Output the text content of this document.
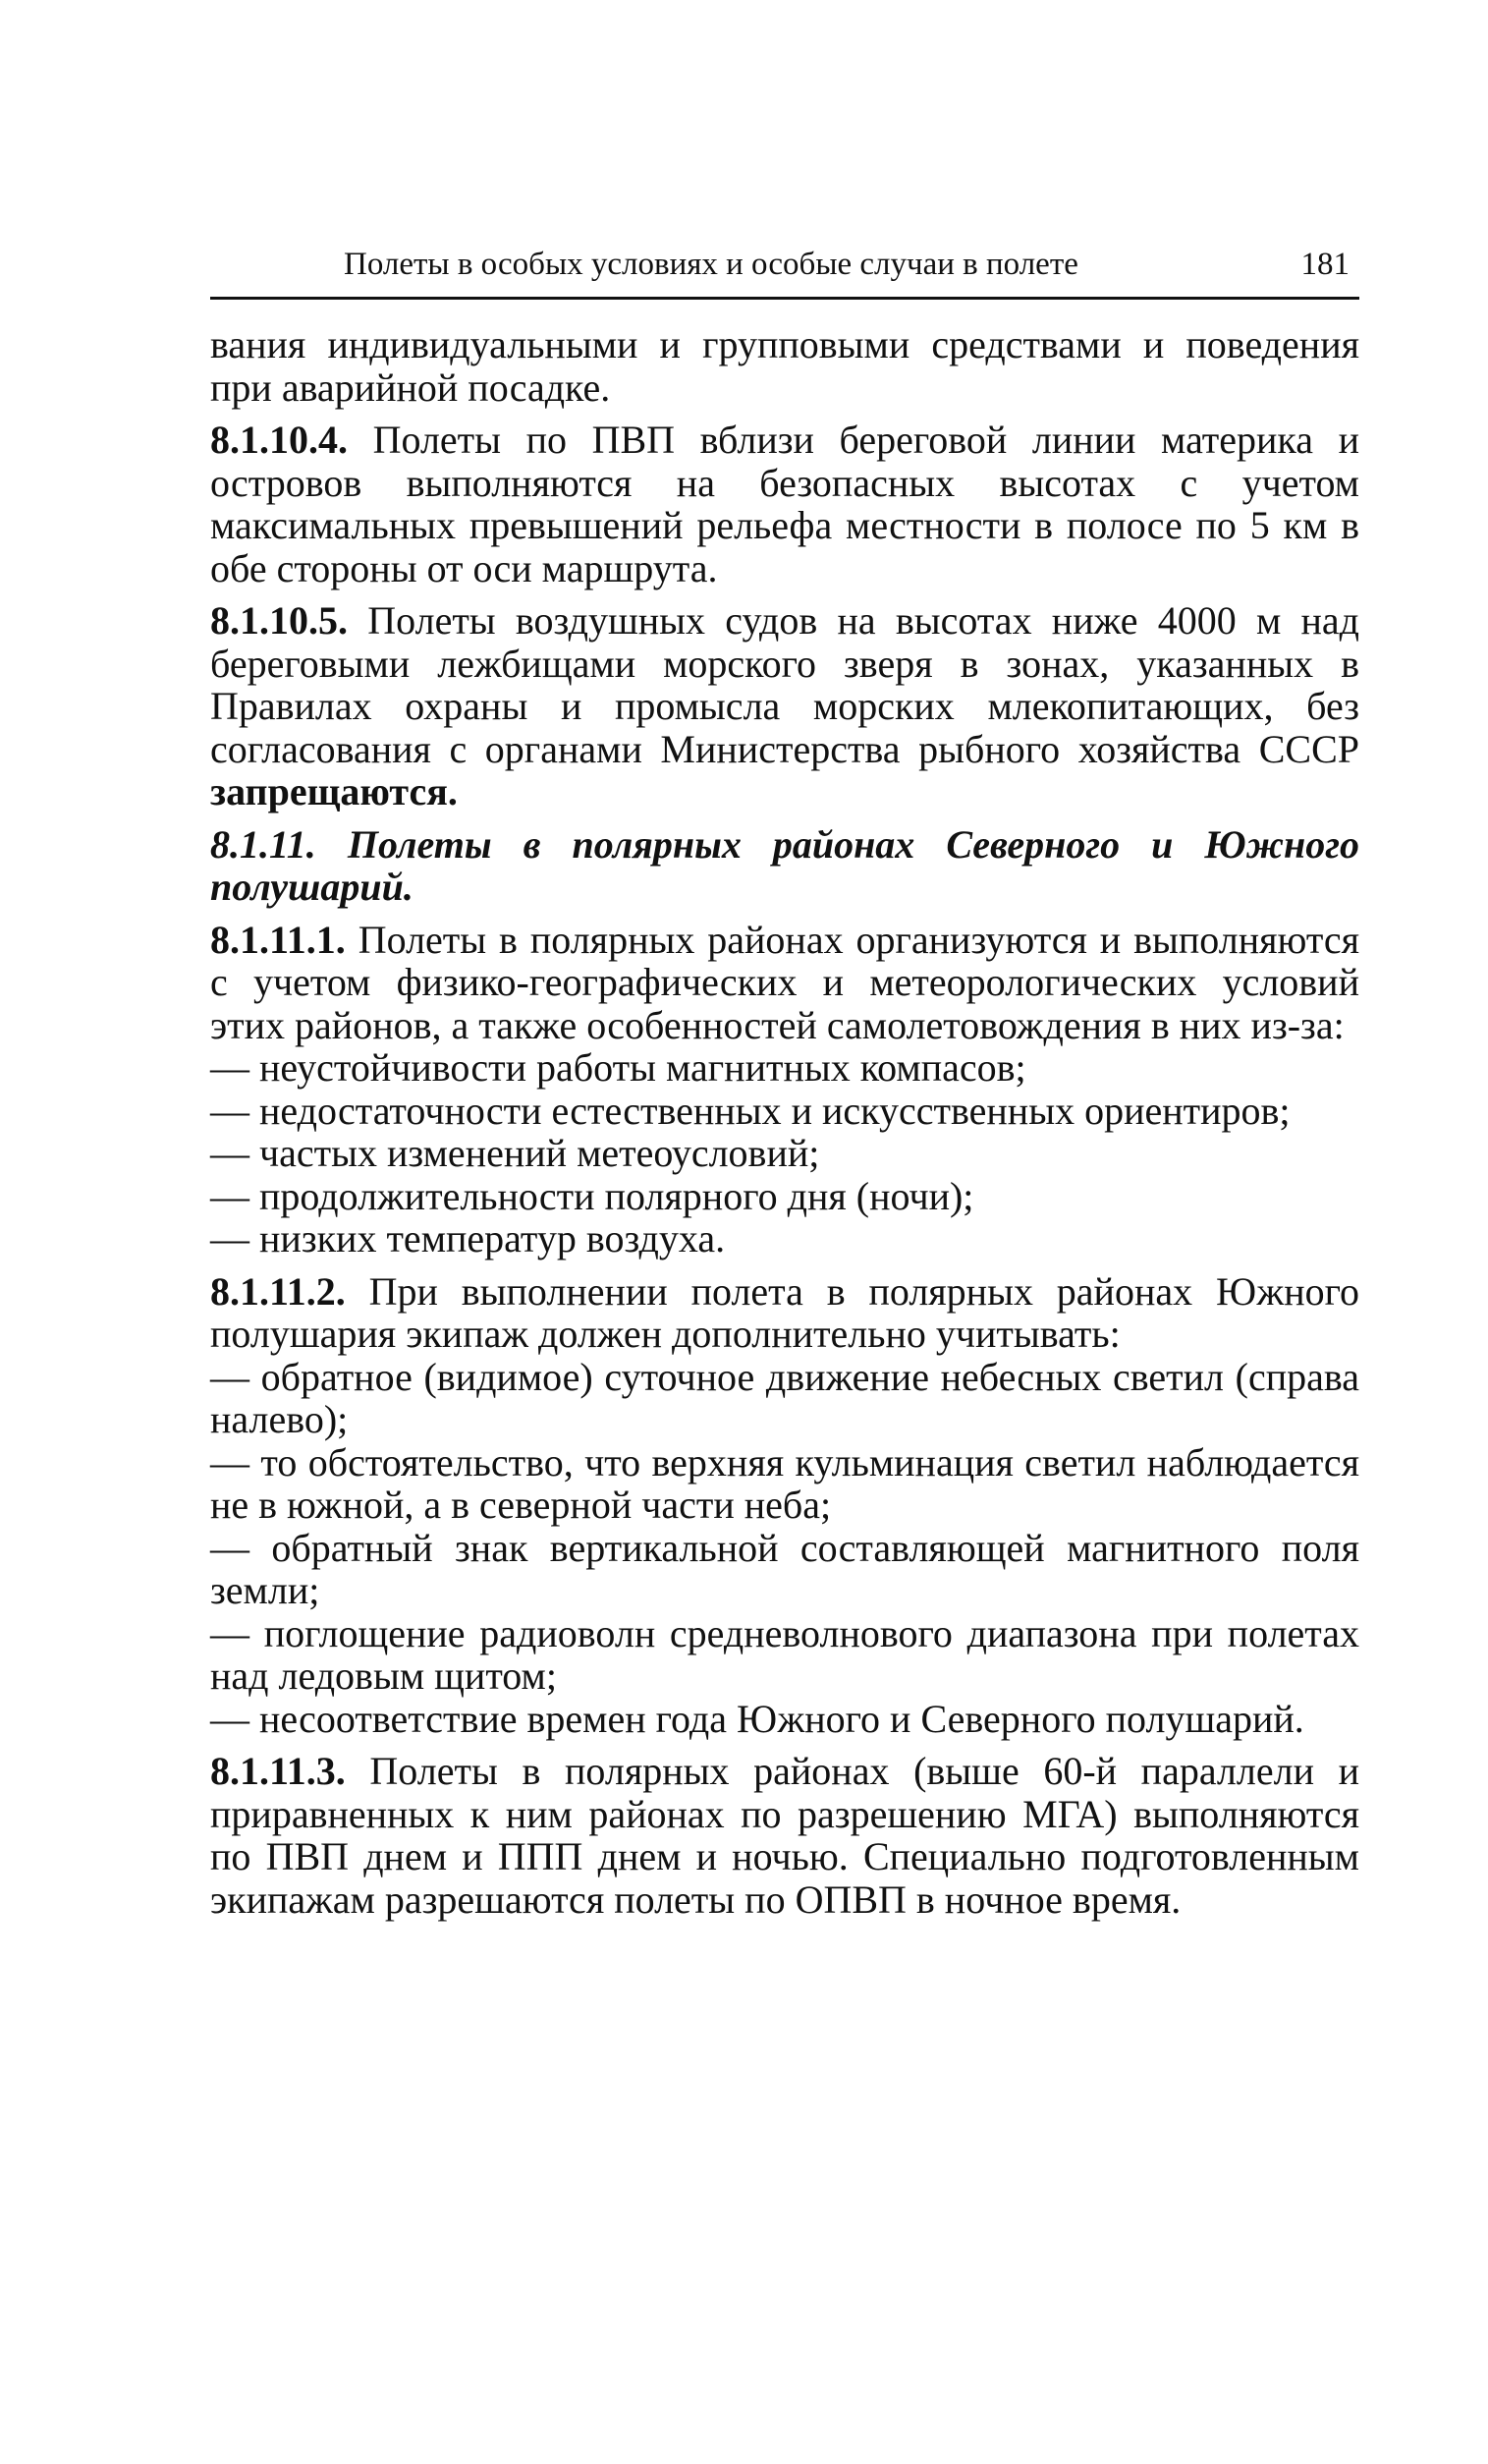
Полеты в особых условиях и особые случаи в полете	181

вания индивидуальными и групповыми средствами и поведения при аварийной посадке.

8.1.10.4. Полеты по ПВП вблизи береговой линии материка и островов выполняются на безопасных высотах с учетом максимальных превышений рельефа местности в полосе по 5 км в обе стороны от оси маршрута.

8.1.10.5. Полеты воздушных судов на высотах ниже 4000 м над береговыми лежбищами морского зверя в зонах, указанных в Правилах охраны и промысла морских млекопитающих, без согласования с органами Министерства рыбного хозяйства СССР запрещаются.

8.1.11. Полеты в полярных районах Северного и Южного полушарий.

8.1.11.1. Полеты в полярных районах организуются и выполняются с учетом физико-географических и метеорологических условий этих районов, а также особенностей самолетовождения в них из-за:

— неустойчивости работы магнитных компасов;

— недостаточности естественных и искусственных ориентиров;

— частых изменений метеоусловий;

— продолжительности полярного дня (ночи);

— низких температур воздуха.

8.1.11.2. При выполнении полета в полярных районах Южного полушария экипаж должен дополнительно учитывать:

— обратное (видимое) суточное движение небесных светил (справа налево);

— то обстоятельство, что верхняя кульминация светил наблюдается не в южной, а в северной части неба;

— обратный знак вертикальной составляющей магнитного поля земли;

— поглощение радиоволн средневолнового диапазона при полетах над ледовым щитом;

— несоответствие времен года Южного и Северного полушарий.

8.1.11.3. Полеты в полярных районах (выше 60-й параллели и приравненных к ним районах по разрешению МГА) выполняются по ПВП днем и ППП днем и ночью. Специально подготовленным экипажам разрешаются полеты по ОПВП в ночное время.
